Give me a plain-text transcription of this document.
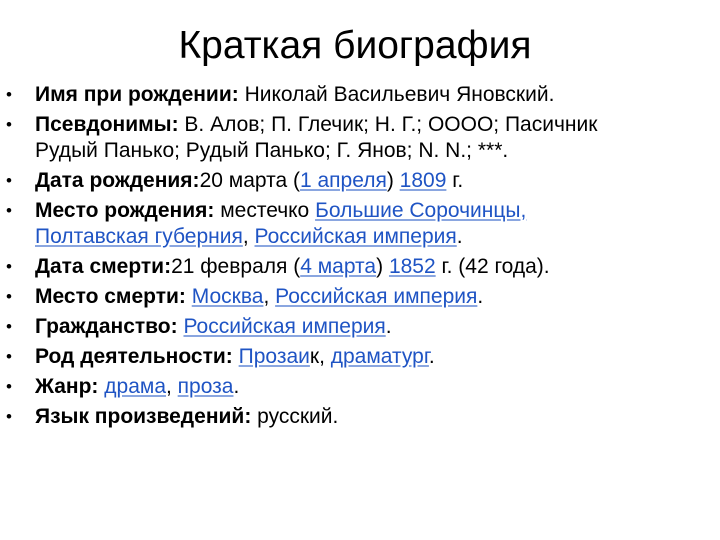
Краткая биография
•	Имя при рождении: Николай Васильевич Яновский.
•	Псевдонимы: В. Алов; П. Глечик; Н. Г.; ОООО; Пасичник
Рудый Панько; Рудый Панько; Г. Янов; N. N.; ***.
•	Дата рождения:20 марта (1 апреля) 1809 г.
•	Место рождения: местечко Большие Сорочинцы,
Полтавская губерния, Российская империя.
•	Дата смерти:21 февраля (4 марта) 1852 г. (42 года).
•	Место смерти: Москва, Российская империя.
•	Гражданство: Российская империя.
•	Род деятельности: Прозаик, драматург.
•	Жанр: драма, проза.
•	Язык произведений: русский.
